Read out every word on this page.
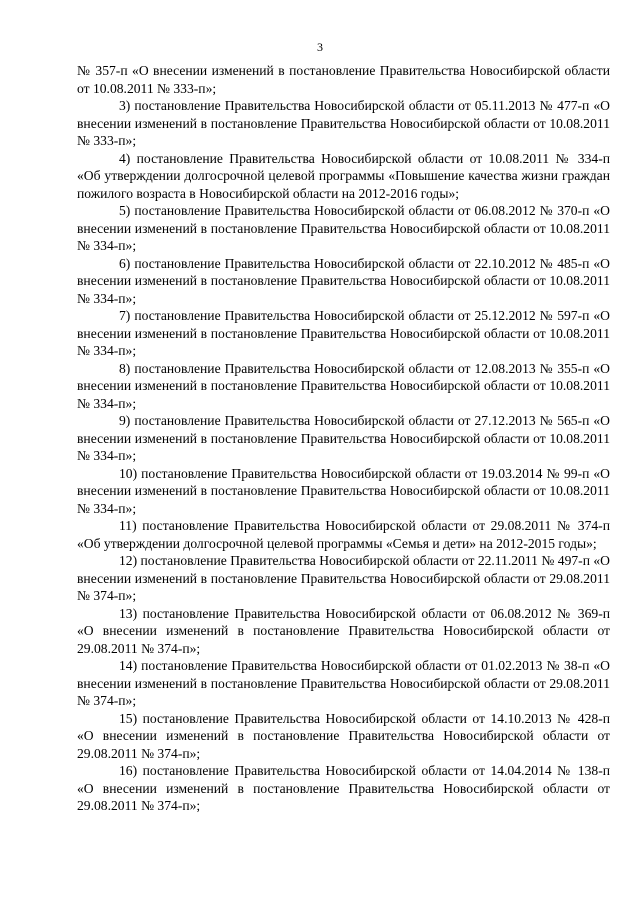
3

№ 357-п «О внесении изменений в постановление Правительства Новосибирской области от 10.08.2011 № 333-п»;

3) постановление Правительства Новосибирской области от 05.11.2013 № 477-п «О внесении изменений в постановление Правительства Новосибирской области от 10.08.2011 № 333-п»;

4) постановление Правительства Новосибирской области от 10.08.2011 № 334-п «Об утверждении долгосрочной целевой программы «Повышение качества жизни граждан пожилого возраста в Новосибирской области на 2012-2016 годы»;

5) постановление Правительства Новосибирской области от 06.08.2012 № 370-п «О внесении изменений в постановление Правительства Новосибирской области от 10.08.2011 № 334-п»;

6) постановление Правительства Новосибирской области от 22.10.2012 № 485-п «О внесении изменений в постановление Правительства Новосибирской области от 10.08.2011 № 334-п»;

7) постановление Правительства Новосибирской области от 25.12.2012 № 597-п «О внесении изменений в постановление Правительства Новосибирской области от 10.08.2011 № 334-п»;

8) постановление Правительства Новосибирской области от 12.08.2013 № 355-п «О внесении изменений в постановление Правительства Новосибирской области от 10.08.2011 № 334-п»;

9) постановление Правительства Новосибирской области от 27.12.2013 № 565-п «О внесении изменений в постановление Правительства Новосибирской области от 10.08.2011 № 334-п»;

10) постановление Правительства Новосибирской области от 19.03.2014 № 99-п «О внесении изменений в постановление Правительства Новосибирской области от 10.08.2011 № 334-п»;

11) постановление Правительства Новосибирской области от 29.08.2011 № 374-п «Об утверждении долгосрочной целевой программы «Семья и дети» на 2012-2015 годы»;

12) постановление Правительства Новосибирской области от 22.11.2011 № 497-п «О внесении изменений в постановление Правительства Новосибирской области от 29.08.2011 № 374-п»;

13) постановление Правительства Новосибирской области от 06.08.2012 № 369-п «О внесении изменений в постановление Правительства Новосибирской области от 29.08.2011 № 374-п»;

14) постановление Правительства Новосибирской области от 01.02.2013 № 38-п «О внесении изменений в постановление Правительства Новосибирской области от 29.08.2011 № 374-п»;

15) постановление Правительства Новосибирской области от 14.10.2013 № 428-п «О внесении изменений в постановление Правительства Новосибирской области от 29.08.2011 № 374-п»;

16) постановление Правительства Новосибирской области от 14.04.2014 № 138-п «О внесении изменений в постановление Правительства Новосибирской области от 29.08.2011 № 374-п»;
